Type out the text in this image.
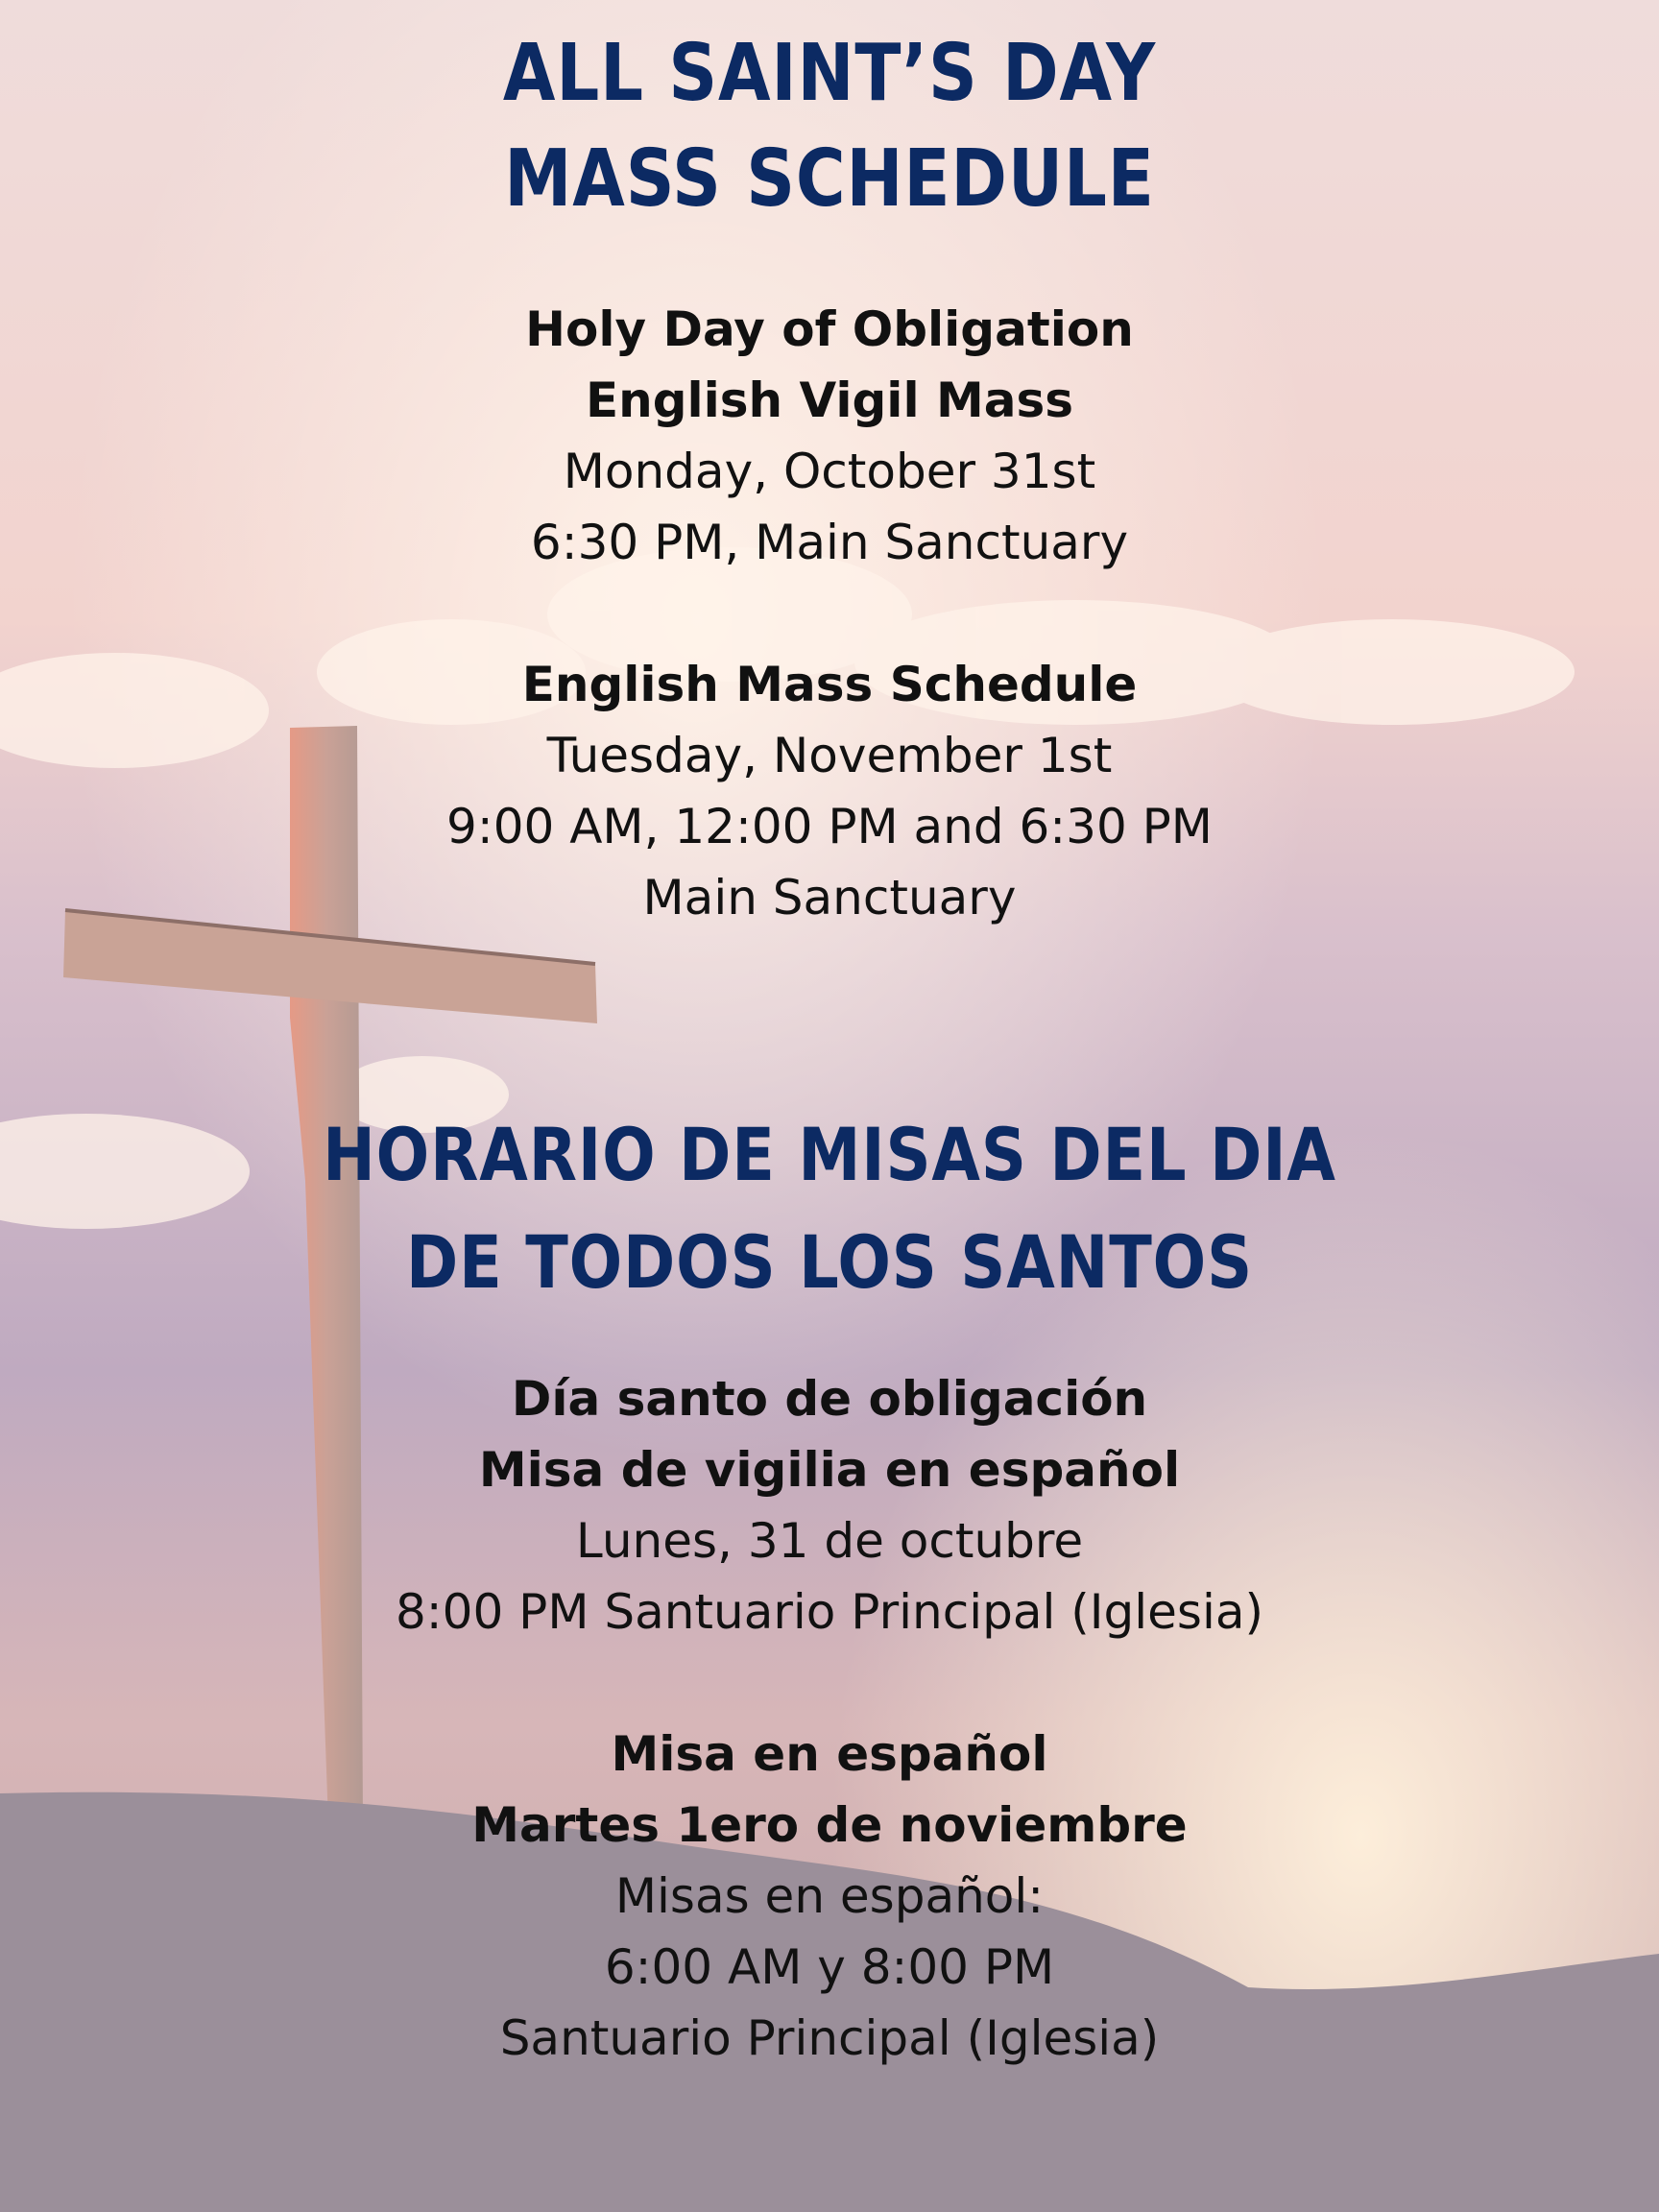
ALL SAINT’S DAY
MASS SCHEDULE
Holy Day of Obligation
English Vigil Mass
Monday, October 31st
6:30 PM, Main Sanctuary
English Mass Schedule
Tuesday, November 1st
9:00 AM, 12:00 PM and 6:30 PM
Main Sanctuary
HORARIO DE MISAS DEL DIA
DE TODOS LOS SANTOS
Día santo de obligación
Misa de vigilia en español
Lunes, 31 de octubre
8:00 PM Santuario Principal (Iglesia)
Misa en español
Martes 1ero de noviembre
Misas en español:
6:00 AM y 8:00 PM
Santuario Principal (Iglesia)
